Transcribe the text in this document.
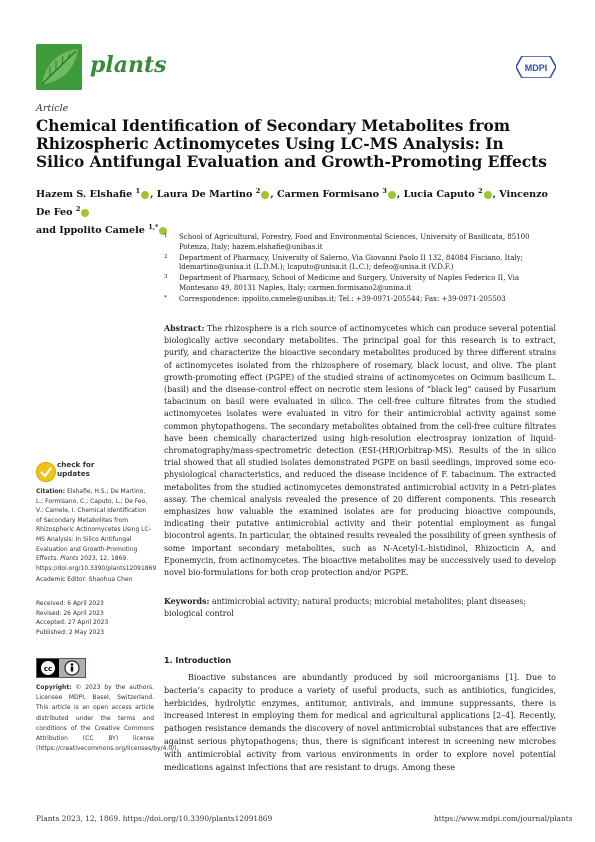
plants	MDPI
Article
Chemical Identification of Secondary Metabolites from Rhizospheric Actinomycetes Using LC-MS Analysis: In Silico Antifungal Evaluation and Growth-Promoting Effects
Hazem S. Elshafie $^1$ , Laura De Martino $^2$ , Carmen Formisano $^3$ , Lucia Caputo $^2$ , Vincenzo De Feo $^2$
and Ippolito Camele $^{1,*}$
1 School of Agricultural, Forestry, Food and Environmental Sciences, University of Basilicata, 85100 Potenza, Italy; hazem.elshafie@unibas.it
2 Department of Pharmacy, University of Salerno, Via Giovanni Paolo II 132, 84084 Fisciano, Italy; ldemartino@unisa.it (L.D.M.); lcaputo@unisa.it (L.C.); defeo@unisa.it (V.D.F.)
3 Department of Pharmacy, School of Medicine and Surgery, University of Naples Federico II, Via Montesano 49, 80131 Naples, Italy; carmen.formisano2@unina.it
* Correspondence: ippolito.camele@unibas.it; Tel.: +39-0971-205544; Fax: +39-0971-205503
Abstract: The rhizosphere is a rich source of actinomycetes which can produce several potential biologically active secondary metabolites. The principal goal for this research is to extract, purify, and characterize the bioactive secondary metabolites produced by three different strains of actinomycetes isolated from the rhizosphere of rosemary, black locust, and olive. The plant growth-promoting effect (PGPE) of the studied strains of actinomycetes on Ocimum basilicum L. (basil) and the disease-control effect on necrotic stem lesions of “black leg” caused by Fusarium tabacinum on basil were evaluated in silico. The cell-free culture filtrates from the studied actinomycetes isolates were evaluated in vitro for their antimicrobial activity against some common phytopathogens. The secondary metabolites obtained from the cell-free culture filtrates have been chemically characterized using high-resolution electrospray ionization of liquid-chromatography/mass-spectrometric detection (ESI-(HR)Orbitrap-MS). Results of the in silico trial showed that all studied isolates demonstrated PGPE on basil seedlings, improved some eco-physiological characteristics, and reduced the disease incidence of F. tabacinum. The extracted metabolites from the studied actinomycetes demonstrated antimicrobial activity in a Petri-plates assay. The chemical analysis revealed the presence of 20 different components. This research emphasizes how valuable the examined isolates are for producing bioactive compounds, indicating their putative antimicrobial activity and their potential employment as fungal biocontrol agents. In particular, the obtained results revealed the possibility of green synthesis of some important secondary metabolites, such as N-Acetyl-L-histidinol, Rhizocticin A, and Eponemycin, from actinomycetes. The bioactive metabolites may be successively used to develop novel bio-formulations for both crop protection and/or PGPE.
Keywords: antimicrobial activity; natural products; microbial metabolites; plant diseases; biological control
check for
updates
Citation: Elshafie, H.S.; De Martino, L.; Formisano, C.; Caputo, L.; De Feo, V.; Camele, I. Chemical Identification of Secondary Metabolites from Rhizospheric Actinomycetes Using LC-MS Analysis: In Silico Antifungal Evaluation and Growth-Promoting Effects. Plants 2023, 12, 1869. https://doi.org/10.3390/plants12091869
Academic Editor: Shaohua Chen
Received: 6 April 2023
Revised: 26 April 2023
Accepted: 27 April 2023
Published: 2 May 2023
cc
Copyright: © 2023 by the authors. Licensee MDPI, Basel, Switzerland. This article is an open access article distributed under the terms and conditions of the Creative Commons Attribution (CC BY) license (https://creativecommons.org/licenses/by/4.0/).
1. Introduction
Bioactive substances are abundantly produced by soil microorganisms [1]. Due to bacteria’s capacity to produce a variety of useful products, such as antibiotics, fungicides, herbicides, hydrolytic enzymes, antitumor, antivirals, and immune suppressants, there is increased interest in employing them for medical and agricultural applications [2–4]. Recently, pathogen resistance demands the discovery of novel antimicrobial substances that are effective against serious phytopathogens; thus, there is significant interest in screening new microbes with antimicrobial activity from various environments in order to explore novel potential medications against infections that are resistant to drugs. Among these
Plants 2023, 12, 1869. https://doi.org/10.3390/plants12091869	https://www.mdpi.com/journal/plants
